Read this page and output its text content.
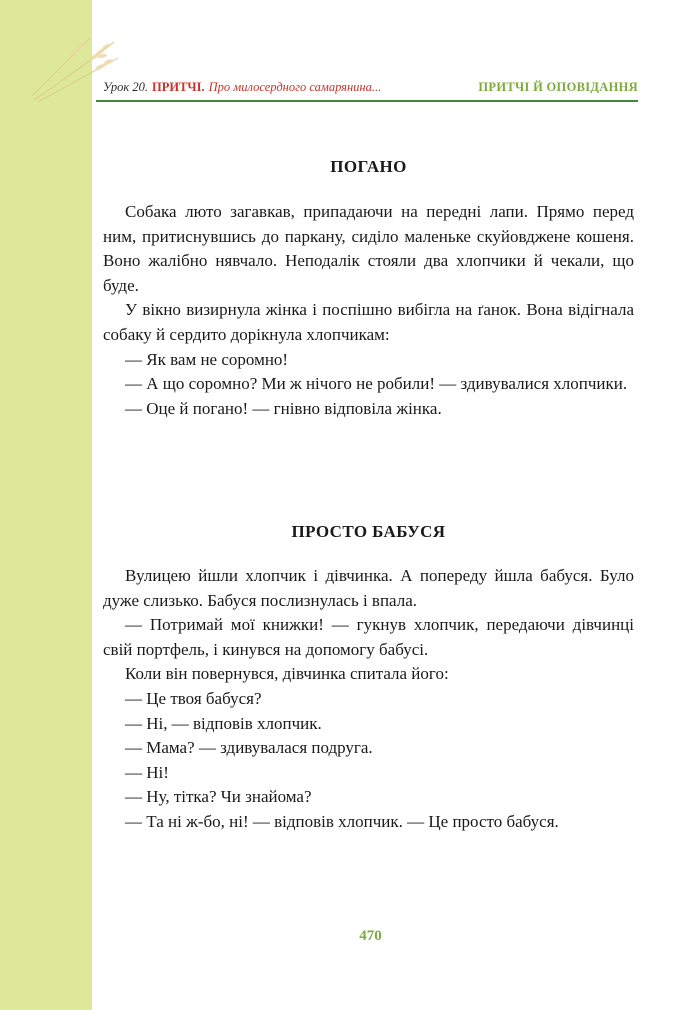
Урок 20. ПРИТЧІ. Про милосердного самарянина...	ПРИТЧІ Й ОПОВІДАННЯ
ПОГАНО

Собака люто загавкав, припадаючи на передні лапи. Прямо перед ним, притиснувшись до паркану, сиділо маленьке скуйовджене кошеня. Воно жалібно нявчало. Неподалік стояли два хлопчики й чекали, що буде.

У вікно визирнула жінка і поспішно вибігла на ґанок. Вона відігнала собаку й сердито дорікнула хлопчикам:

— Як вам не соромно!

— А що соромно? Ми ж нічого не робили! — здивувалися хлопчики.

— Оце й погано! — гнівно відповіла жінка.

ПРОСТО БАБУСЯ

Вулицею йшли хлопчик і дівчинка. А попереду йшла бабуся. Було дуже слизько. Бабуся послизнулась і впала.

— Потримай мої книжки! — гукнув хлопчик, передаючи дівчинці свій портфель, і кинувся на допомогу бабусі.

Коли він повернувся, дівчинка спитала його:

— Це твоя бабуся?

— Ні, — відповів хлопчик.

— Мама? — здивувалася подруга.

— Ні!

— Ну, тітка? Чи знайома?

— Та ні ж-бо, ні! — відповів хлопчик. — Це просто бабуся.

470
